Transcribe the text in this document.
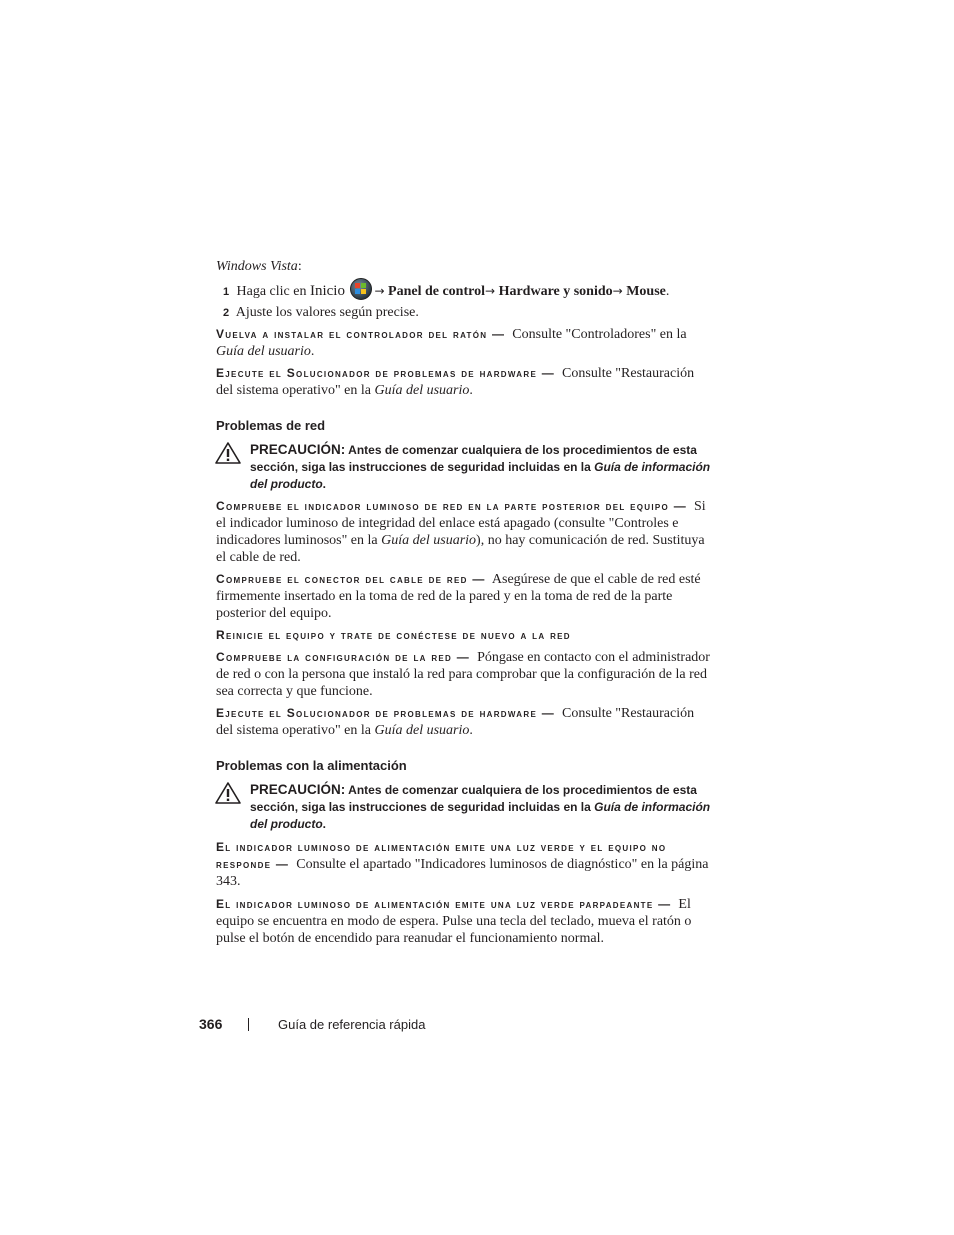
Windows Vista:

1 Haga clic en Inicio → Panel de control→ Hardware y sonido→ Mouse.

2 Ajuste los valores según precise.

Vuelva a instalar el controlador del ratón — Consulte "Controladores" en la Guía del usuario.

Ejecute el Solucionador de problemas de hardware — Consulte "Restauración del sistema operativo" en la Guía del usuario.

Problemas de red

PRECAUCIÓN: Antes de comenzar cualquiera de los procedimientos de esta sección, siga las instrucciones de seguridad incluidas en la Guía de información del producto.

Compruebe el indicador luminoso de red en la parte posterior del equipo — Si el indicador luminoso de integridad del enlace está apagado (consulte "Controles e indicadores luminosos" en la Guía del usuario), no hay comunicación de red. Sustituya el cable de red.

Compruebe el conector del cable de red — Asegúrese de que el cable de red esté firmemente insertado en la toma de red de la pared y en la toma de red de la parte posterior del equipo.

Reinicie el equipo y trate de conéctese de nuevo a la red

Compruebe la configuración de la red — Póngase en contacto con el administrador de red o con la persona que instaló la red para comprobar que la configuración de la red sea correcta y que funcione.

Ejecute el Solucionador de problemas de hardware — Consulte "Restauración del sistema operativo" en la Guía del usuario.

Problemas con la alimentación

PRECAUCIÓN: Antes de comenzar cualquiera de los procedimientos de esta sección, siga las instrucciones de seguridad incluidas en la Guía de información del producto.

El indicador luminoso de alimentación emite una luz verde y el equipo no responde — Consulte el apartado "Indicadores luminosos de diagnóstico" en la página 343.

El indicador luminoso de alimentación emite una luz verde parpadeante — El equipo se encuentra en modo de espera. Pulse una tecla del teclado, mueva el ratón o pulse el botón de encendido para reanudar el funcionamiento normal.

366	Guía de referencia rápida
